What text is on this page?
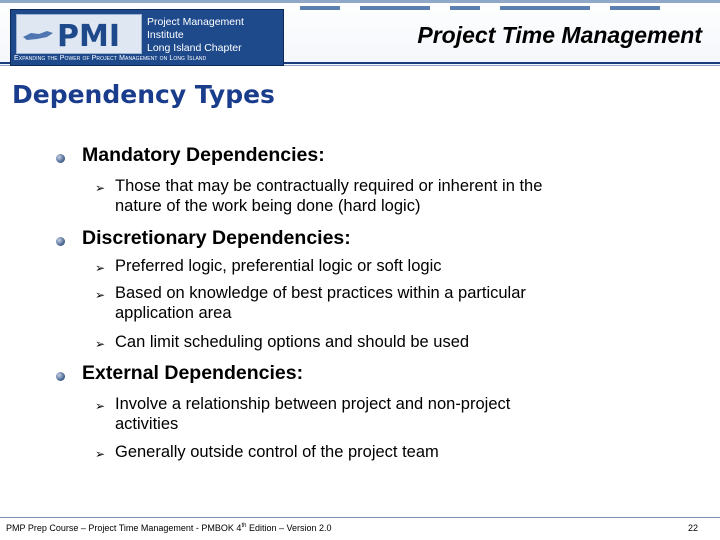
PMI	Project Management Institute
Long Island Chapter
Expanding the Power of Project Management on Long Island
Project Time Management
Dependency Types
Mandatory Dependencies:
➢ Those that may be contractually required or inherent in the
nature of the work being done (hard logic)
Discretionary Dependencies:
➢ Preferred logic, preferential logic or soft logic
➢ Based on knowledge of best practices within a particular
application area
➢ Can limit scheduling options and should be used
External Dependencies:
➢ Involve a relationship between project and non-project
activities
➢ Generally outside control of the project team
PMP Prep Course – Project Time Management - PMBOK 4th Edition – Version 2.0	22
